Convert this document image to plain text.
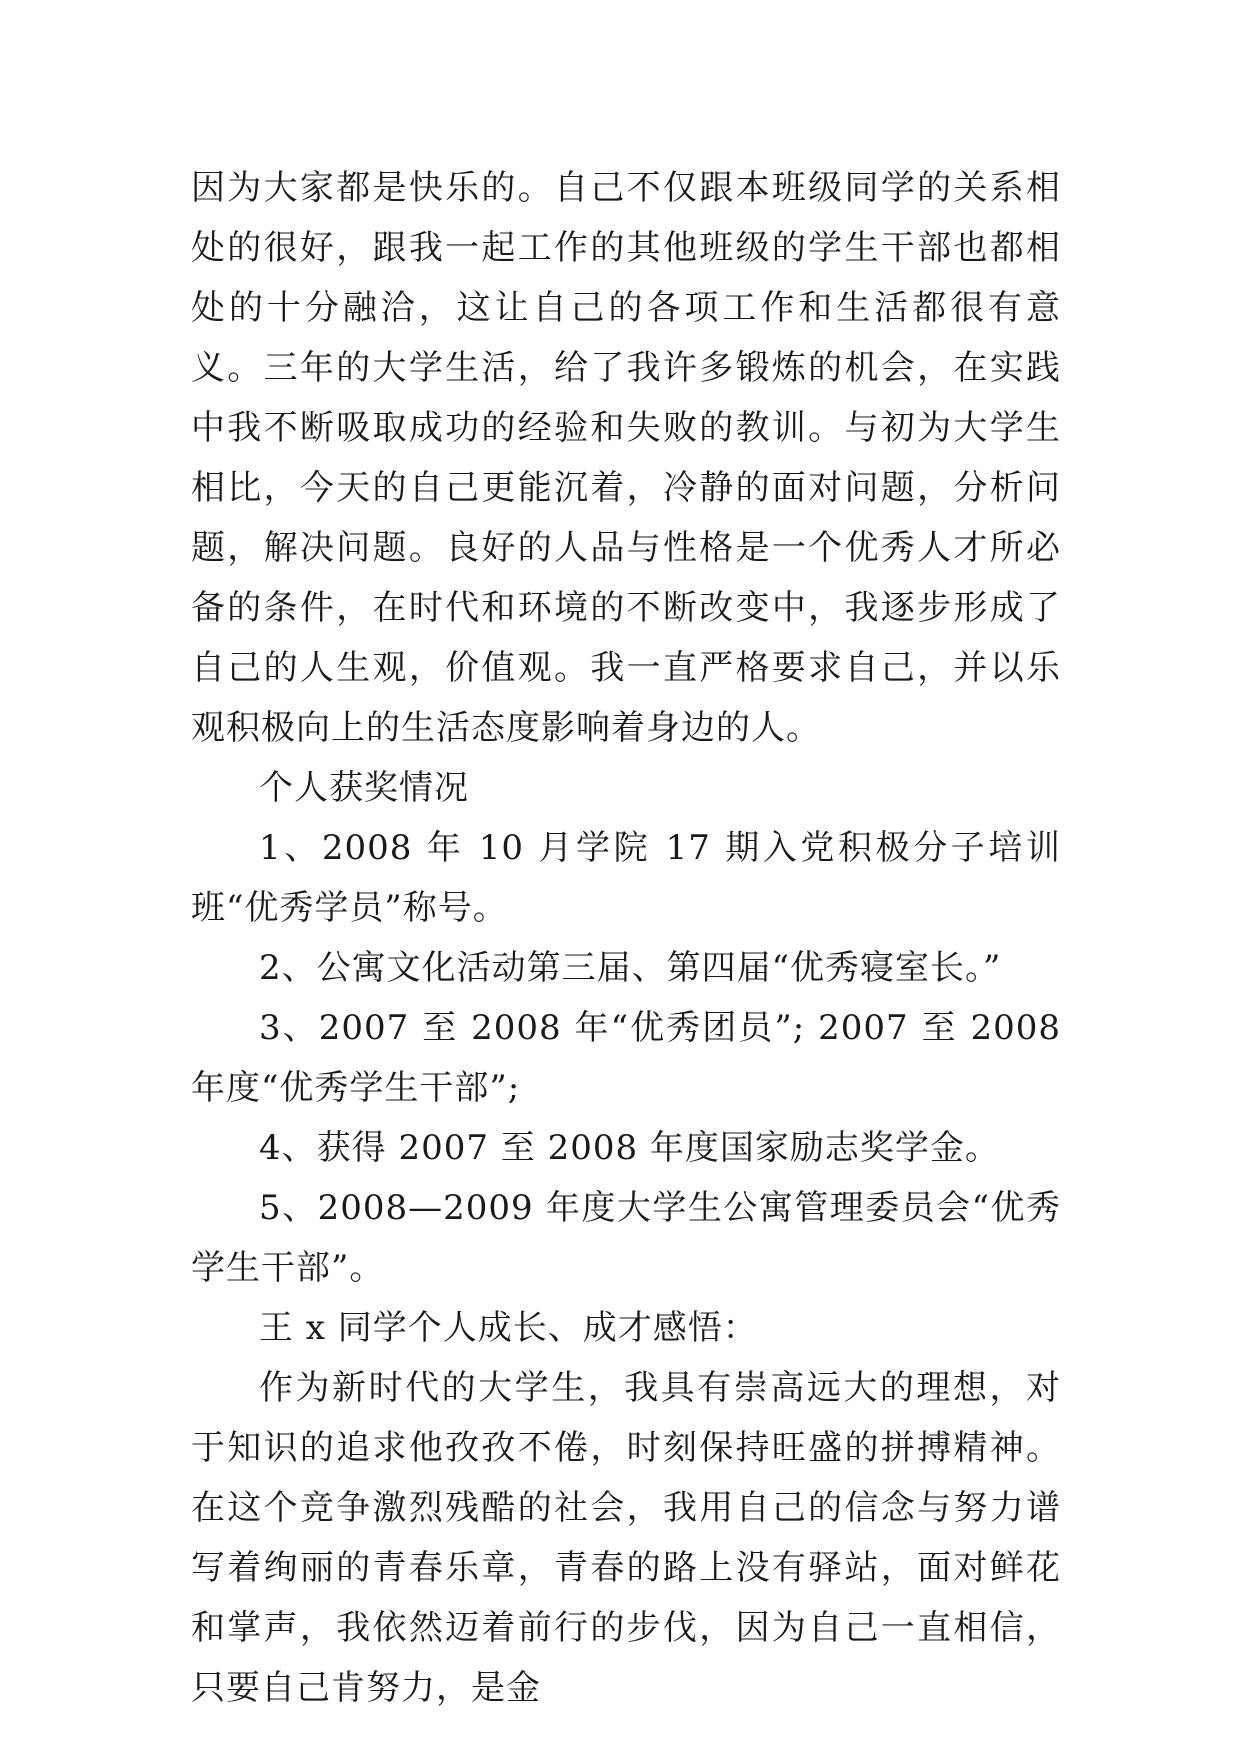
因为大家都是快乐的。自己不仅跟本班级同学的关系相处的很好，跟我一起工作的其他班级的学生干部也都相处的十分融洽，这让自己的各项工作和生活都很有意义。三年的大学生活，给了我许多锻炼的机会，在实践中我不断吸取成功的经验和失败的教训。与初为大学生相比，今天的自己更能沉着，冷静的面对问题，分析问题，解决问题。良好的人品与性格是一个优秀人才所必备的条件，在时代和环境的不断改变中，我逐步形成了自己的人生观，价值观。我一直严格要求自己，并以乐观积极向上的生活态度影响着身边的人。

个人获奖情况

1、2008 年 10 月学院 17 期入党积极分子培训班“优秀学员”称号。

2、公寓文化活动第三届、第四届“优秀寝室长。”

3、2007 至 2008 年“优秀团员”; 2007 至 2008 年度“优秀学生干部”;

4、获得 2007 至 2008 年度国家励志奖学金。

5、2008—2009 年度大学生公寓管理委员会“优秀学生干部”。

王 x 同学个人成长、成才感悟：

作为新时代的大学生，我具有崇高远大的理想，对于知识的追求他孜孜不倦，时刻保持旺盛的拼搏精神。在这个竞争激烈残酷的社会，我用自己的信念与努力谱写着绚丽的青春乐章，青春的路上没有驿站，面对鲜花和掌声，我依然迈着前行的步伐，因为自己一直相信，只要自己肯努力，是金
